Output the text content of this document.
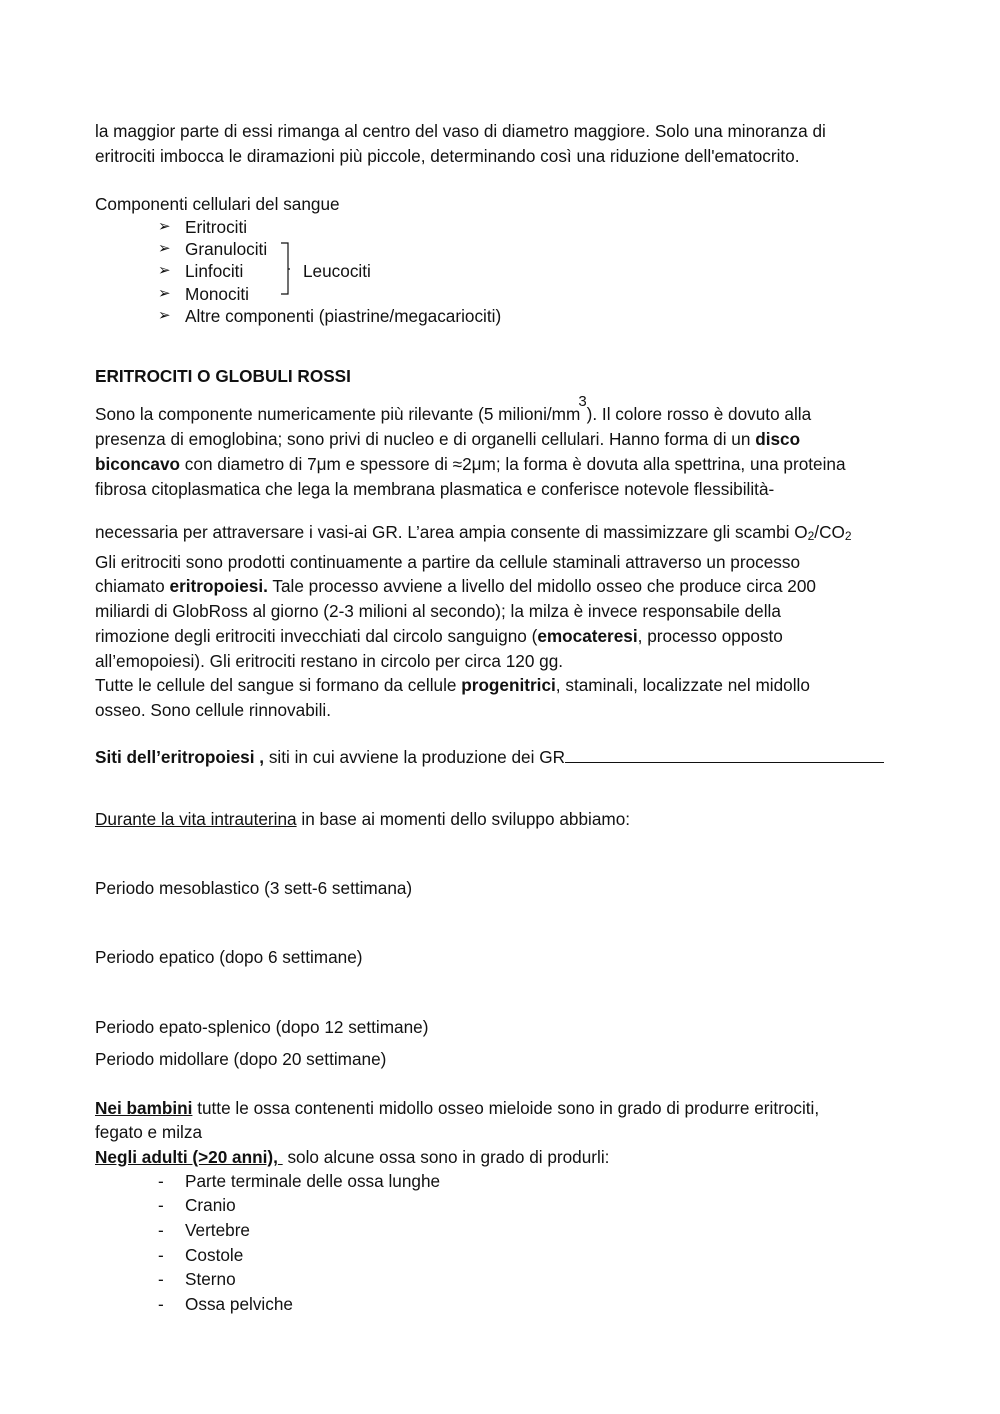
la maggior parte di essi rimanga al centro del vaso di diametro maggiore. Solo una minoranza di
eritrociti imbocca le diramazioni più piccole, determinando così una riduzione dell'ematocrito.
Componenti cellulari del sangue
➢ Eritrociti
➢ Granulociti
➢ Linfociti
➢ Monociti
➢ Altre componenti (piastrine/megacariociti)
Leucociti
ERITROCITI O GLOBULI ROSSI
Sono la componente numericamente più rilevante (5 milioni/mm3). Il colore rosso è dovuto alla
presenza di emoglobina; sono privi di nucleo e di organelli cellulari. Hanno forma di un disco
biconcavo con diametro di 7μm e spessore di ≈2μm; la forma è dovuta alla spettrina, una proteina
fibrosa citoplasmatica che lega la membrana plasmatica e conferisce notevole flessibilità-
necessaria per attraversare i vasi-ai GR. L’area ampia consente di massimizzare gli scambi O2/CO2
Gli eritrociti sono prodotti continuamente a partire da cellule staminali attraverso un processo
chiamato eritropoiesi. Tale processo avviene a livello del midollo osseo che produce circa 200
miliardi di GlobRoss al giorno (2-3 milioni al secondo); la milza è invece responsabile della
rimozione degli eritrociti invecchiati dal circolo sanguigno (emocateresi, processo opposto
all’emopoiesi). Gli eritrociti restano in circolo per circa 120 gg.
Tutte le cellule del sangue si formano da cellule progenitrici, staminali, localizzate nel midollo
osseo. Sono cellule rinnovabili.
Siti dell’eritropoiesi , siti in cui avviene la produzione dei GR
Durante la vita intrauterina in base ai momenti dello sviluppo abbiamo:
Periodo mesoblastico (3 sett-6 settimana)
Periodo epatico (dopo 6 settimane)
Periodo epato-splenico (dopo 12 settimane)
Periodo midollare (dopo 20 settimane)
Nei bambini tutte le ossa contenenti midollo osseo mieloide sono in grado di produrre eritrociti,
fegato e milza
Negli adulti (>20 anni),  solo alcune ossa sono in grado di produrli:
- Parte terminale delle ossa lunghe
- Cranio
- Vertebre
- Costole
- Sterno
- Ossa pelviche
